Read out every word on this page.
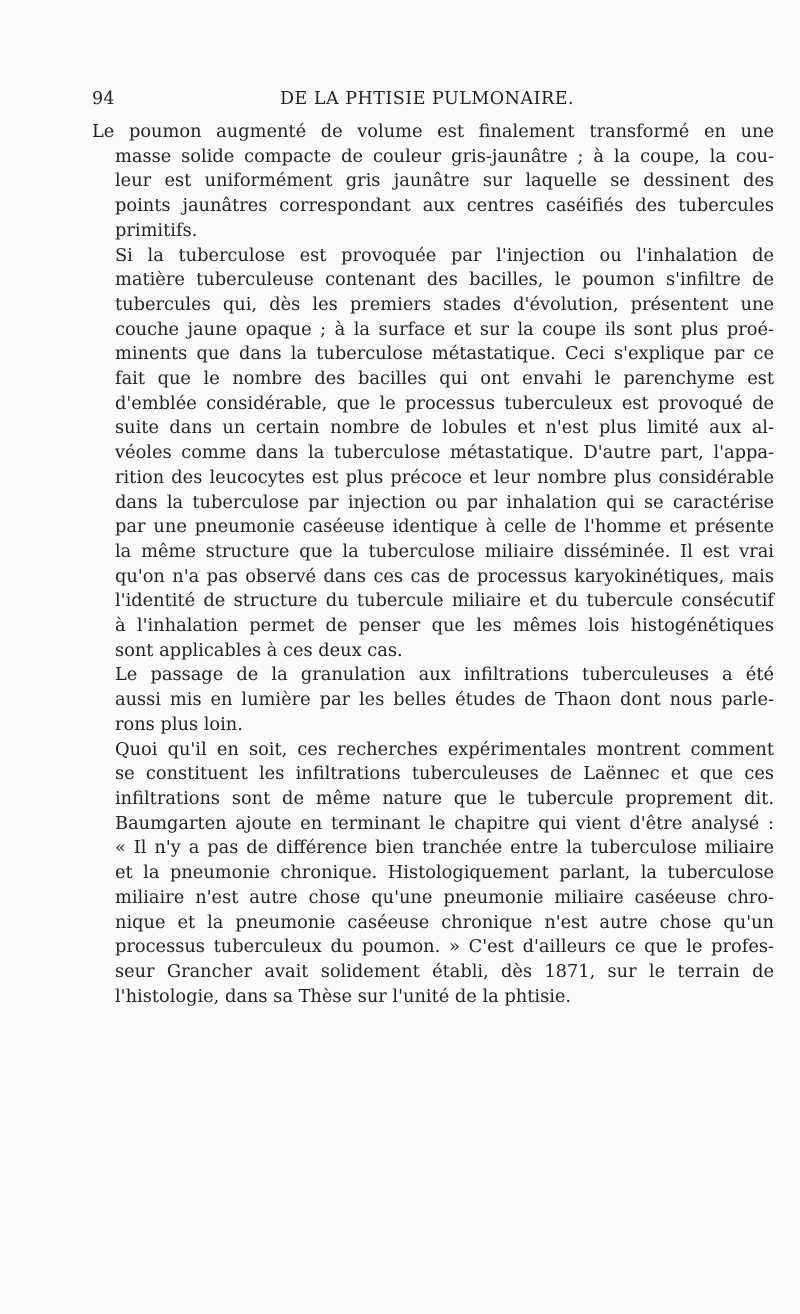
94	DE LA PHTISIE PULMONAIRE.
Le poumon augmenté de volume est finalement transformé en une
masse solide compacte de couleur gris-jaunâtre ; à la coupe, la cou-
leur est uniformément gris jaunâtre sur laquelle se dessinent des
points jaunâtres correspondant aux centres caséifiés des tubercules
primitifs.
Si la tuberculose est provoquée par l'injection ou l'inhalation de
matière tuberculeuse contenant des bacilles, le poumon s'infiltre de
tubercules qui, dès les premiers stades d'évolution, présentent une
couche jaune opaque ; à la surface et sur la coupe ils sont plus proé-
minents que dans la tuberculose métastatique. Ceci s'explique par ce
fait que le nombre des bacilles qui ont envahi le parenchyme est
d'emblée considérable, que le processus tuberculeux est provoqué de
suite dans un certain nombre de lobules et n'est plus limité aux al-
véoles comme dans la tuberculose métastatique. D'autre part, l'appa-
rition des leucocytes est plus précoce et leur nombre plus considérable
dans la tuberculose par injection ou par inhalation qui se caractérise
par une pneumonie caséeuse identique à celle de l'homme et présente
la même structure que la tuberculose miliaire disséminée. Il est vrai
qu'on n'a pas observé dans ces cas de processus karyokinétiques, mais
l'identité de structure du tubercule miliaire et du tubercule consécutif
à l'inhalation permet de penser que les mêmes lois histogénétiques
sont applicables à ces deux cas.
Le passage de la granulation aux infiltrations tuberculeuses a été
aussi mis en lumière par les belles études de Thaon dont nous parle-
rons plus loin.
Quoi qu'il en soit, ces recherches expérimentales montrent comment
se constituent les infiltrations tuberculeuses de Laënnec et que ces
infiltrations sont de même nature que le tubercule proprement dit.
Baumgarten ajoute en terminant le chapitre qui vient d'être analysé :
« Il n'y a pas de différence bien tranchée entre la tuberculose miliaire
et la pneumonie chronique. Histologiquement parlant, la tuberculose
miliaire n'est autre chose qu'une pneumonie miliaire caséeuse chro-
nique et la pneumonie caséeuse chronique n'est autre chose qu'un
processus tuberculeux du poumon. » C'est d'ailleurs ce que le profes-
seur Grancher avait solidement établi, dès 1871, sur le terrain de
l'histologie, dans sa Thèse sur l'unité de la phtisie.
